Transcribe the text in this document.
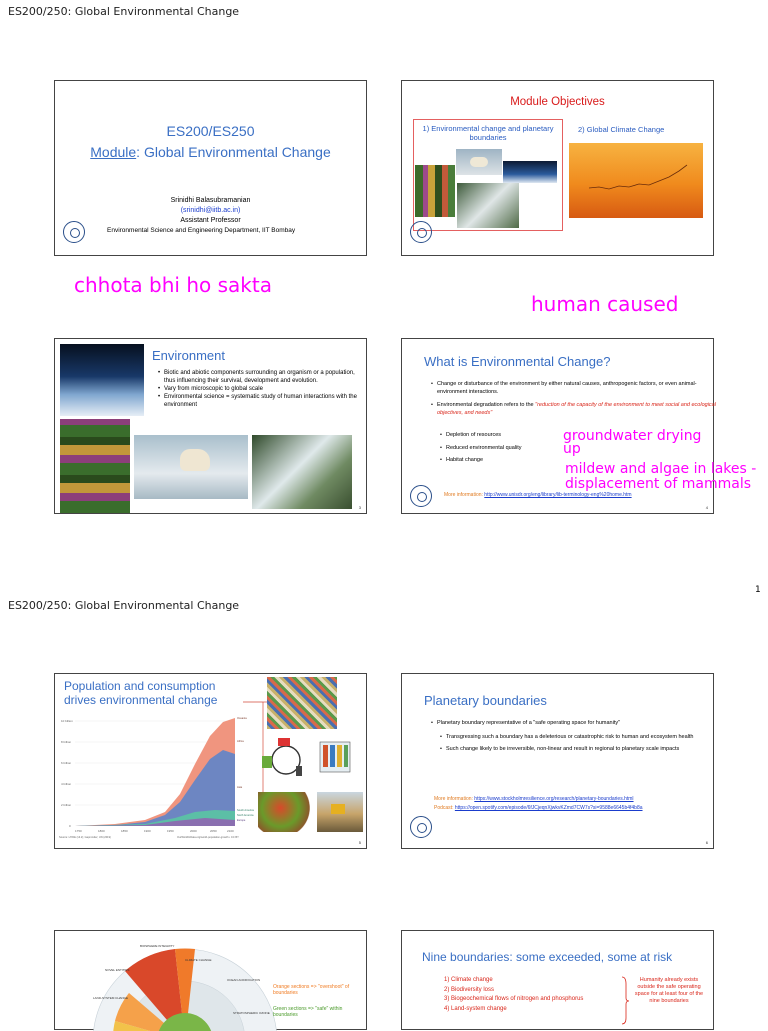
ES200/250: Global Environmental Change
ES200/ES250
Module: Global Environmental Change
Srinidhi Balasubramanian
(srinidhi@iitb.ac.in)
Assistant Professor
Environmental Science and Engineering Department, IIT Bombay
Module Objectives
1) Environmental change and planetary boundaries
2) Global Climate Change
chhota bhi ho sakta
human caused
Environment
• Biotic and abiotic components surrounding an organism or a population, thus influencing their survival, development and evolution.
• Vary from microscopic to global scale
• Environmental science = systematic study of human interactions with the environment
3
What is Environmental Change?
• Change or disturbance of the environment by either natural causes, anthropogenic factors, or even animal-environment interactions.
• Environmental degradation refers to the "reduction of the capacity of the environment to meet social and ecological objectives, and needs"
• Depletion of resources
• Reduced environmental quality
• Habitat change
More information: http://www.unisdr.org/eng/library/lib-terminology-eng%20home.htm
4
groundwater drying
up
mildew and algae in lakes -
displacement of mammals
1
ES200/250: Global Environmental Change
Population and consumption
drives environmental change
10 billion
8 billion
6 billion
4 billion
2 billion
0
Oceania
Africa
Asia
South America
North America
Europe
1750	1800	1850	1900	1950	2000	2050	2100
Source: HYDE (v3.2); Gapminder; UN (2019)	OurWorldInData.org/world-population-growth • CC BY
5
Planetary boundaries
• Planetary boundary representative of a "safe operating space for humanity"
• Transgressing such a boundary has a deleterious or catastrophic risk to human and ecosystem health
• Such change likely to be irreversible, non-linear and result in regional to planetary scale impacts
More information: https://www.stockholmresilience.org/research/planetary-boundaries.html
Podcast: https://open.spotify.com/episode/6fJCjeqnXjwkvKZmd7CW7s?si=9588e6645b4f4b8a
6
BIOSPHERE INTEGRITY
CLIMATE CHANGE
NOVEL ENTITIES
LAND-SYSTEM CHANGE
OCEAN ACIDIFICATION
STRATOSPHERIC OZONE
Orange sections => "overshoot" of boundaries
Green sections => "safe" within boundaries
Nine boundaries: some exceeded, some at risk
1) Climate change
2) Biodiversity loss
3) Biogeochemical flows of nitrogen and phosphorus
4) Land-system change
Humanity already exists outside the safe operating space for at least four of the nine boundaries
